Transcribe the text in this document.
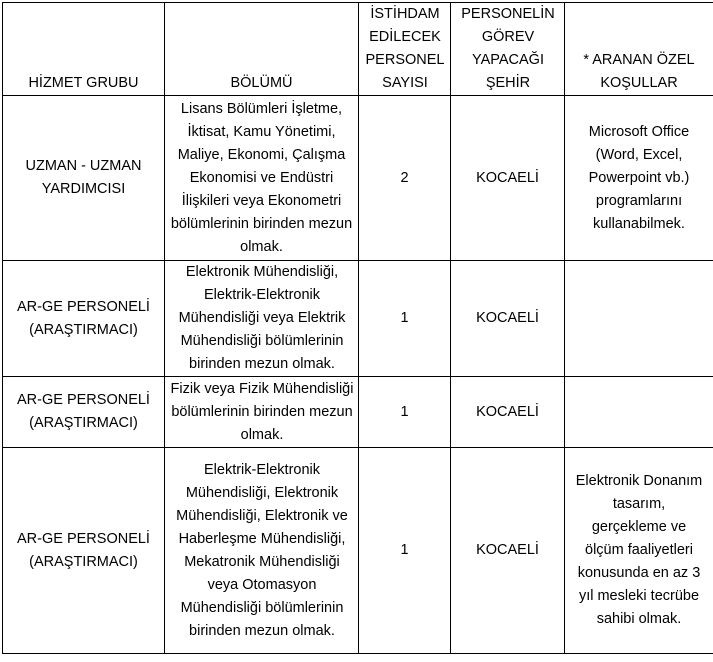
HİZMET GRUBU	BÖLÜMÜ	İSTİHDAM EDİLECEK PERSONEL SAYISI	PERSONELİN GÖREV YAPACAĞI ŞEHİR	* ARANAN ÖZEL KOŞULLAR
UZMAN - UZMAN YARDIMCISI	Lisans Bölümleri İşletme, İktisat, Kamu Yönetimi, Maliye, Ekonomi, Çalışma Ekonomisi ve Endüstri İlişkileri veya Ekonometri bölümlerinin birinden mezun olmak.	2	KOCAELİ	Microsoft Office (Word, Excel, Powerpoint vb.) programlarını kullanabilmek.
AR-GE PERSONELİ (ARAŞTIRMACI)	Elektronik Mühendisliği, Elektrik-Elektronik Mühendisliği veya Elektrik Mühendisliği bölümlerinin birinden mezun olmak.	1	KOCAELİ	
AR-GE PERSONELİ (ARAŞTIRMACI)	Fizik veya Fizik Mühendisliği bölümlerinin birinden mezun olmak.	1	KOCAELİ	
AR-GE PERSONELİ (ARAŞTIRMACI)	Elektrik-Elektronik Mühendisliği, Elektronik Mühendisliği, Elektronik ve Haberleşme Mühendisliği, Mekatronik Mühendisliği veya Otomasyon Mühendisliği bölümlerinin birinden mezun olmak.	1	KOCAELİ	Elektronik Donanım tasarım, gerçekleme ve ölçüm faaliyetleri konusunda en az 3 yıl mesleki tecrübe sahibi olmak.
